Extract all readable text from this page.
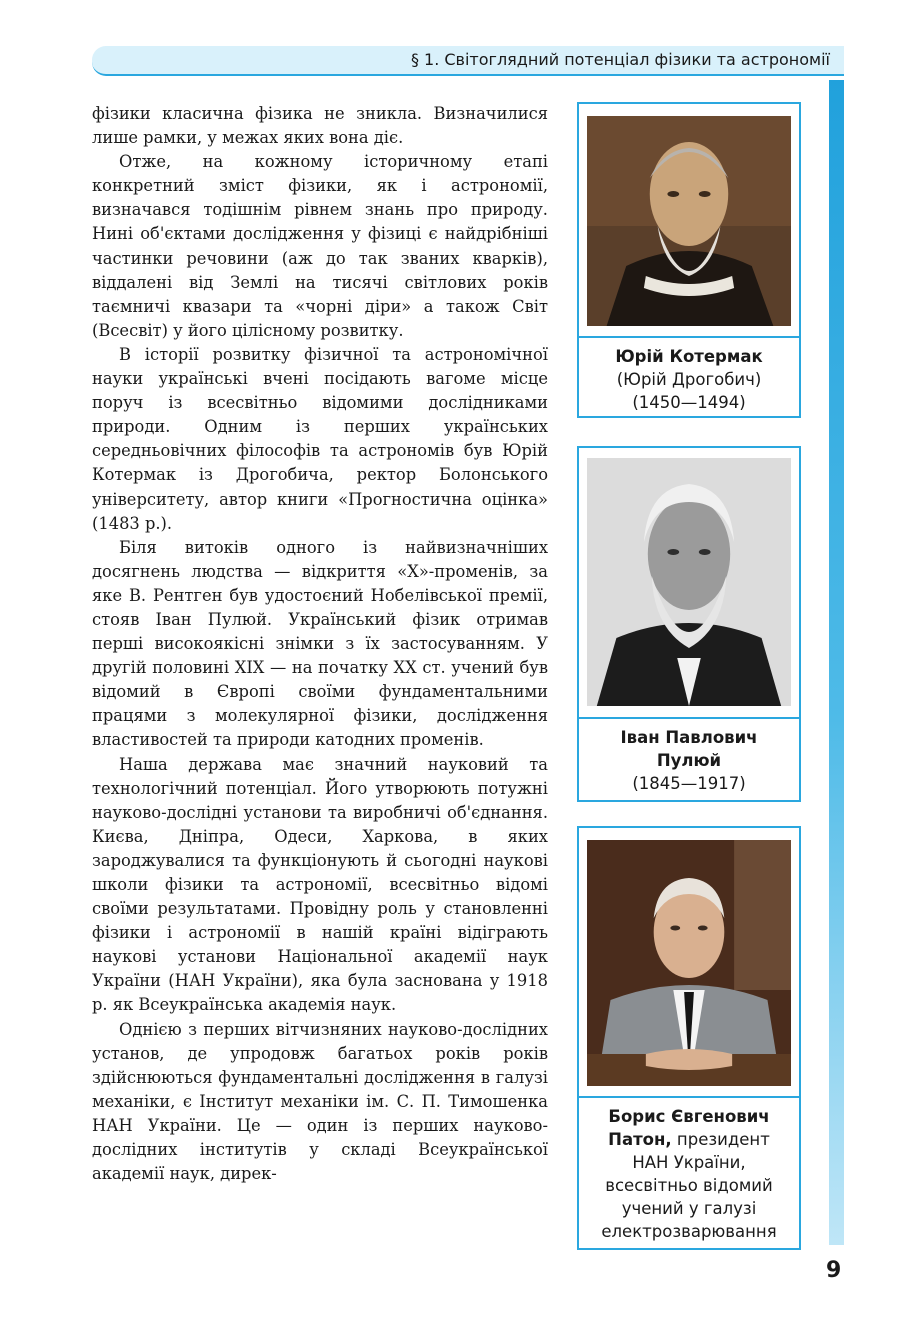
§ 1. Світоглядний потенціал фізики та астрономії

фізики класична фізика не зникла. Визначилися лише рамки, у межах яких вона діє.

Отже, на кожному історичному етапі конкретний зміст фізики, як і астрономії, визначався тодішнім рівнем знань про природу. Нині об'єктами дослідження у фізиці є найдрібніші частинки речовини (аж до так званих кварків), віддалені від Землі на тисячі світлових років таємничі квазари та «чорні діри» а також Світ (Всесвіт) у його цілісному розвитку.

В історії розвитку фізичної та астрономічної науки українські вчені посідають вагоме місце поруч із всесвітньо відомими дослідниками природи. Одним із перших українських середньовічних філософів та астрономів був Юрій Котермак із Дрогобича, ректор Болонського університету, автор книги «Прогностична оцінка» (1483 р.).

Біля витоків одного із найвизначніших досягнень людства — відкриття «Х»-променів, за яке В. Рентген був удостоєний Нобелівської премії, стояв Іван Пулюй. Український фізик отримав перші високоякісні знімки з їх застосуванням. У другій половині XIX — на початку XX ст. учений був відомий в Європі своїми фундаментальними працями з молекулярної фізики, дослідження властивостей та природи катодних променів.

Наша держава має значний науковий та технологічний потенціал. Його утворюють потужні науково-дослідні установи та виробничі об'єднання. Києва, Дніпра, Одеси, Харкова, в яких зароджувалися та функціонують й сьогодні наукові школи фізики та астрономії, всесвітньо відомі своїми результатами. Провідну роль у становленні фізики і астрономії в нашій країні відіграють наукові установи Національної академії наук України (НАН України), яка була заснована у 1918 р. як Всеукраїнська академія наук.

Однією з перших вітчизняних науково-дослідних установ, де упродовж багатьох років років здійснюються фундаментальні дослідження в галузі механіки, є Інститут механіки ім. С. П. Тимошенка НАН України. Це — один із перших науково-дослідних інститутів у складі Всеукраїнської академії наук, дирек-

Юрій Котермак
(Юрій Дрогобич)
(1450—1494)
Іван Павлович
Пулюй
(1845—1917)
Борис Євгенович
Патон, президент
НАН України,
всесвітньо відомий
учений у галузі
електрозварювання
9
